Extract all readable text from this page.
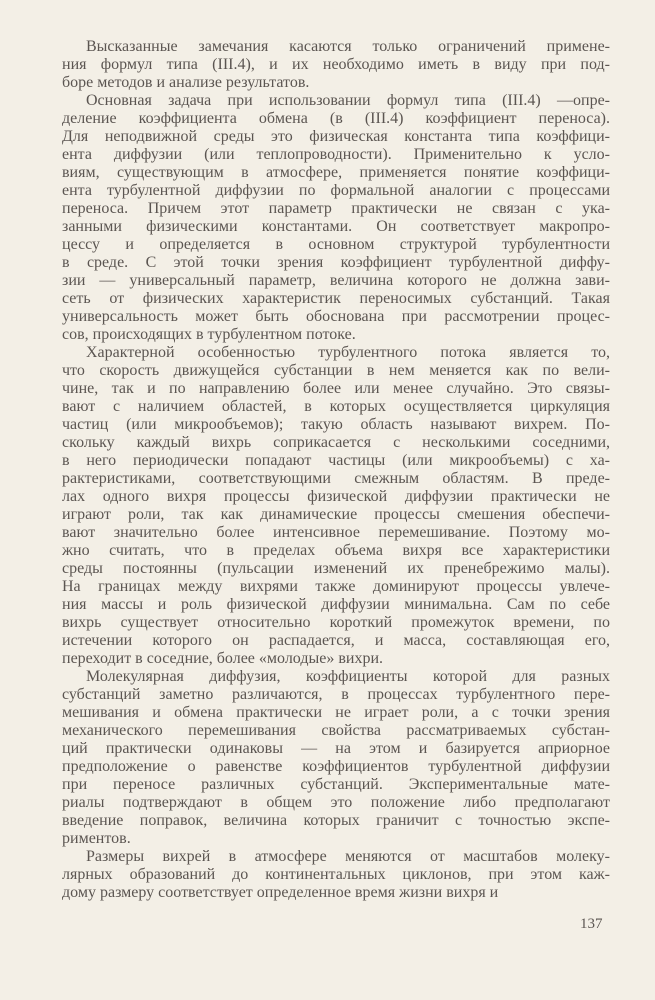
Высказанные замечания касаются только ограничений примене-
ния формул типа (III.4), и их необходимо иметь в виду при под-
боре методов и анализе результатов.
Основная задача при использовании формул типа (III.4) —опре-
деление коэффициента обмена (в (III.4) коэффициент переноса).
Для неподвижной среды это физическая константа типа коэффици-
ента диффузии (или теплопроводности). Применительно к усло-
виям, существующим в атмосфере, применяется понятие коэффици-
ента турбулентной диффузии по формальной аналогии с процессами
переноса. Причем этот параметр практически не связан с ука-
занными физическими константами. Он соответствует макропро-
цессу и определяется в основном структурой турбулентности
в среде. С этой точки зрения коэффициент турбулентной диффу-
зии — универсальный параметр, величина которого не должна зави-
сеть от физических характеристик переносимых субстанций. Такая
универсальность может быть обоснована при рассмотрении процес-
сов, происходящих в турбулентном потоке.
Характерной особенностью турбулентного потока является то,
что скорость движущейся субстанции в нем меняется как по вели-
чине, так и по направлению более или менее случайно. Это связы-
вают с наличием областей, в которых осуществляется циркуляция
частиц (или микрообъемов); такую область называют вихрем. По-
скольку каждый вихрь соприкасается с несколькими соседними,
в него периодически попадают частицы (или микрообъемы) с ха-
рактеристиками, соответствующими смежным областям. В преде-
лах одного вихря процессы физической диффузии практически не
играют роли, так как динамические процессы смешения обеспечи-
вают значительно более интенсивное перемешивание. Поэтому мо-
жно считать, что в пределах объема вихря все характеристики
среды постоянны (пульсации изменений их пренебрежимо малы).
На границах между вихрями также доминируют процессы увлече-
ния массы и роль физической диффузии минимальна. Сам по себе
вихрь существует относительно короткий промежуток времени, по
истечении которого он распадается, и масса, составляющая его,
переходит в соседние, более «молодые» вихри.
Молекулярная диффузия, коэффициенты которой для разных
субстанций заметно различаются, в процессах турбулентного пере-
мешивания и обмена практически не играет роли, а с точки зрения
механического перемешивания свойства рассматриваемых субстан-
ций практически одинаковы — на этом и базируется априорное
предположение о равенстве коэффициентов турбулентной диффузии
при переносе различных субстанций. Экспериментальные мате-
риалы подтверждают в общем это положение либо предполагают
введение поправок, величина которых граничит с точностью экспе-
риментов.
Размеры вихрей в атмосфере меняются от масштабов молеку-
лярных образований до континентальных циклонов, при этом каж-
дому размеру соответствует определенное время жизни вихря и
137
